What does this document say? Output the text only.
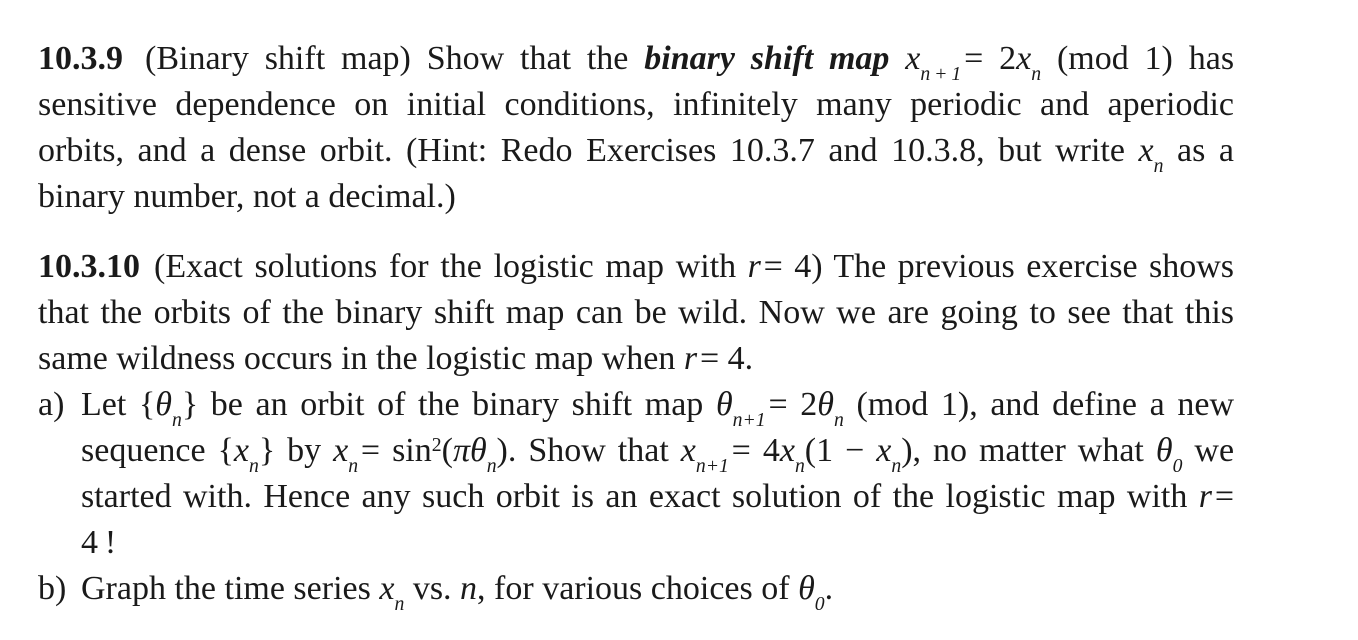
10.3.9 (Binary shift map) Show that the binary shift map $x_{n + 1}$ = $2x_n$ (mod 1) has sensitive dependence on initial conditions, infinitely many periodic and aperiodic orbits, and a dense orbit. (Hint: Redo Exercises 10.3.7 and 10.3.8, but write $x_n$ as a binary number, not a decimal.)

10.3.10 (Exact solutions for the logistic map with r = 4) The previous exercise shows that the orbits of the binary shift map can be wild. Now we are going to see that this same wildness occurs in the logistic map when r = 4.

a) Let $\{\theta_n\}$ be an orbit of the binary shift map $\theta_{n+1}$ = $2\theta_n$ (mod 1), and define a new sequence $\{x_n\}$ by $x_n$ = $\sin^2(\pi\theta_n)$. Show that $x_{n+1}$ = $4x_n(1 - x_n)$, no matter what $\theta_0$ we started with. Hence any such orbit is an exact solution of the logistic map with r = 4 !
b) Graph the time series $x_n$ vs. n, for various choices of $\theta_0$.
